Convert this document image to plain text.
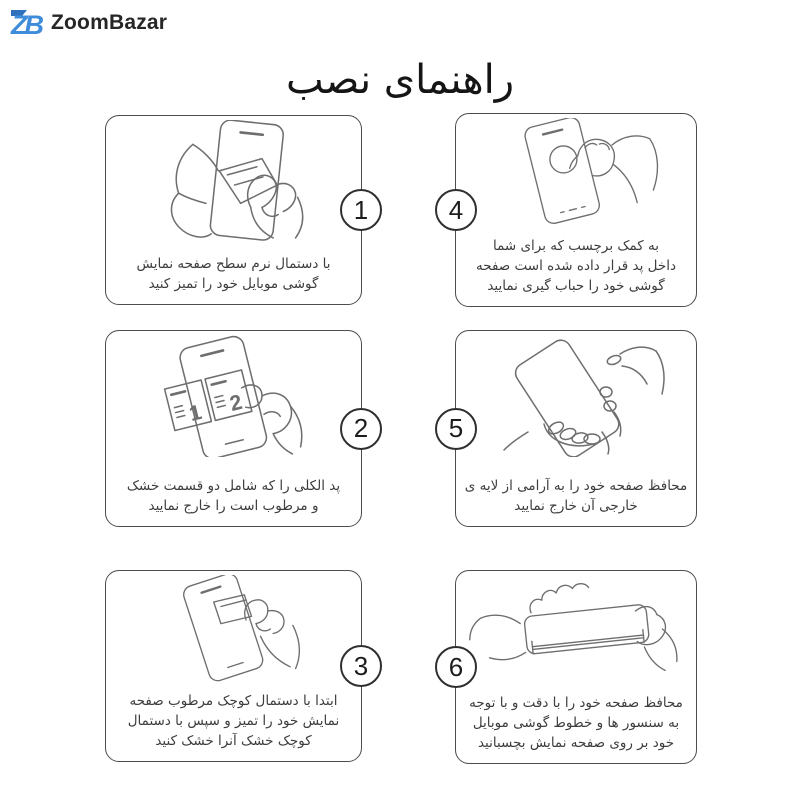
ZB ZoomBazar
راهنمای نصب
با دستمال نرم سطح صفحه نمایش
گوشی موبایل خود را تمیز کنید
1
1 2
پد الکلی را که شامل دو قسمت خشک
و مرطوب است را خارج نمایید
2
ابتدا با دستمال کوچک مرطوب صفحه
نمایش خود را تمیز و سپس با دستمال
کوچک خشک آنرا خشک کنید
3
به کمک برچسب که برای شما
داخل پد قرار داده شده است صفحه
گوشی خود را حباب گیری نمایید
4
محافظ صفحه خود را به آرامی از لایه ی
خارجی آن خارج نمایید
5
محافظ صفحه خود را با دقت و با توجه
به سنسور ها و خطوط گوشی موبایل
خود بر روی صفحه نمایش بچسبانید
6
